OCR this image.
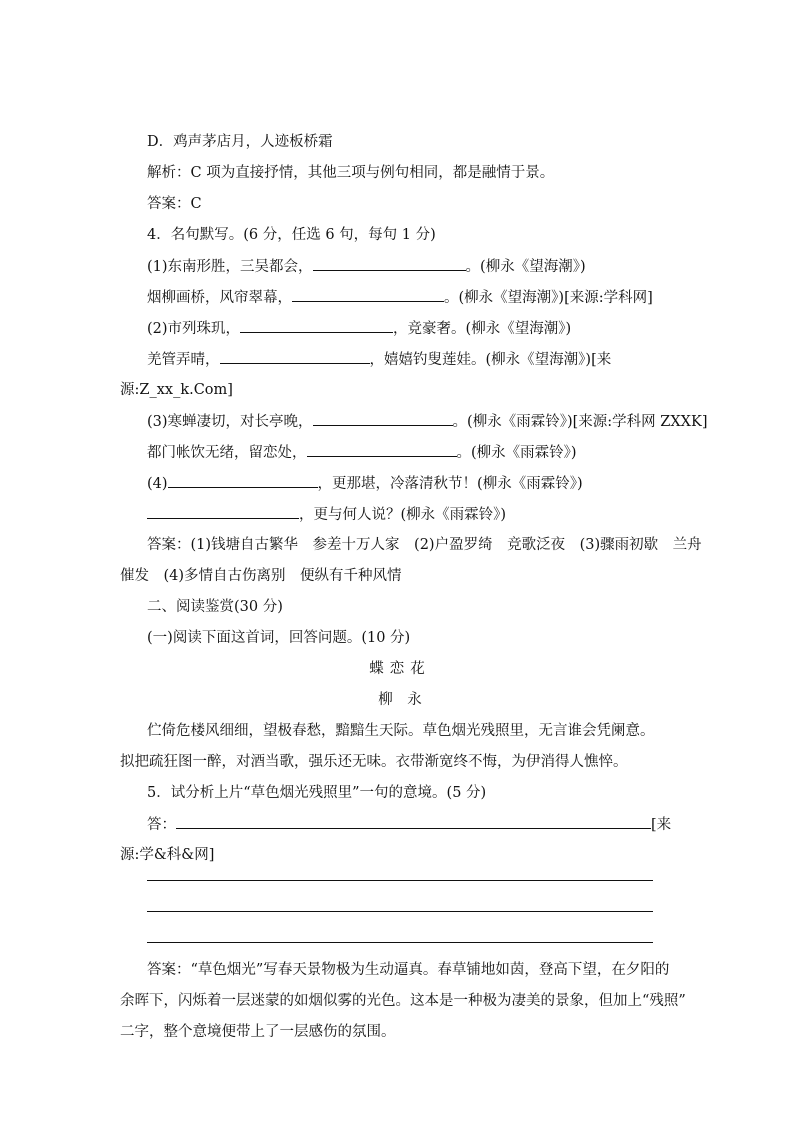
D．鸡声茅店月，人迹板桥霜
解析：C 项为直接抒情，其他三项与例句相同，都是融情于景。
答案：C
4．名句默写。(6 分，任选 6 句，每句 1 分)
(1)东南形胜，三吴都会，	。(柳永《望海潮》)
烟柳画桥，风帘翠幕，	。(柳永《望海潮》)[来源:学科网]
(2)市列珠玑，	，竞豪奢。(柳永《望海潮》)
羌管弄晴，	，嬉嬉钓叟莲娃。(柳永《望海潮》)[来
源:Z_xx_k.Com]
(3)寒蝉凄切，对长亭晚，	。(柳永《雨霖铃》)[来源:学科网 ZXXK]
都门帐饮无绪，留恋处，	。(柳永《雨霖铃》)
(4)	，更那堪，冷落清秋节！(柳永《雨霖铃》)
，更与何人说？(柳永《雨霖铃》)
答案：(1)钱塘自古繁华　参差十万人家　(2)户盈罗绮　竞歌泛夜　(3)骤雨初歇　兰舟
催发　(4)多情自古伤离别　便纵有千种风情
二、阅读鉴赏(30 分)
(一)阅读下面这首词，回答问题。(10 分)
蝶恋花
柳　永
伫倚危楼风细细，望极春愁，黯黯生天际。草色烟光残照里，无言谁会凭阑意。
拟把疏狂图一醉，对酒当歌，强乐还无味。衣带渐宽终不悔，为伊消得人憔悴。
5．试分析上片“草色烟光残照里”一句的意境。(5 分)
答：	[来
源:学&科&网]
答案：“草色烟光”写春天景物极为生动逼真。春草铺地如茵，登高下望，在夕阳的
余晖下，闪烁着一层迷蒙的如烟似雾的光色。这本是一种极为凄美的景象，但加上“残照”
二字，整个意境便带上了一层感伤的氛围。
